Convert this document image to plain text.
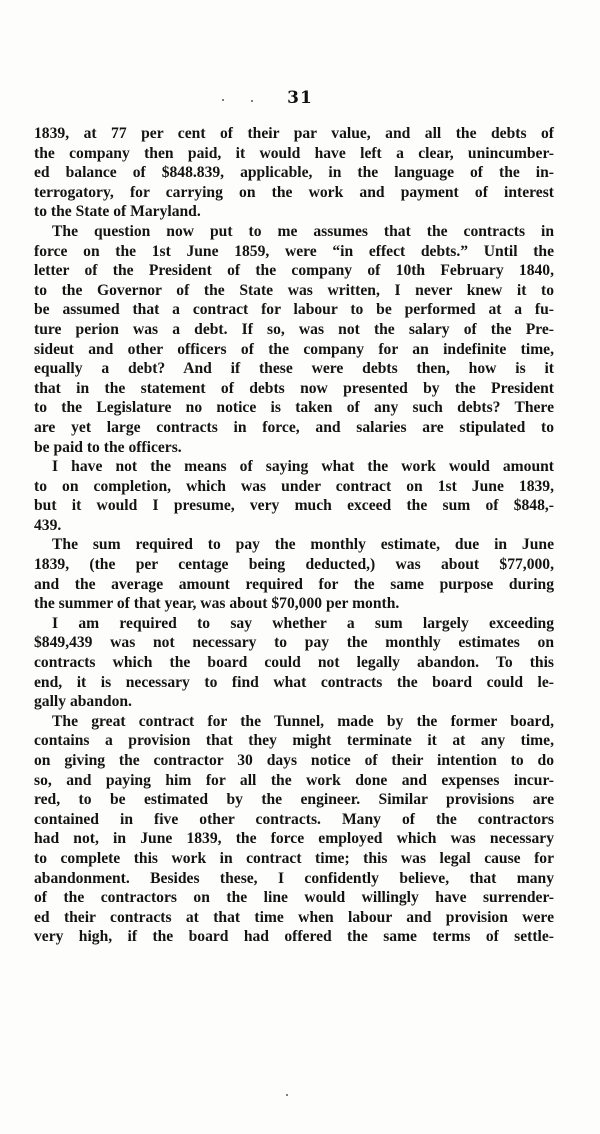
31
1839, at 77 per cent of their par value, and all the debts of
the company then paid, it would have left a clear, unincumber-
ed balance of $848.839, applicable, in the language of the in-
terrogatory, for carrying on the work and payment of interest
to the State of Maryland.
The question now put to me assumes that the contracts in
force on the 1st June 1859, were “in effect debts.” Until the
letter of the President of the company of 10th February 1840,
to the Governor of the State was written, I never knew it to
be assumed that a contract for labour to be performed at a fu-
ture perion was a debt. If so, was not the salary of the Pre-
sideut and other officers of the company for an indefinite time,
equally a debt? And if these were debts then, how is it
that in the statement of debts now presented by the President
to the Legislature no notice is taken of any such debts? There
are yet large contracts in force, and salaries are stipulated to
be paid to the officers.
I have not the means of saying what the work would amount
to on completion, which was under contract on 1st June 1839,
but it would I presume, very much exceed the sum of $848,-
439.
The sum required to pay the monthly estimate, due in June
1839, (the per centage being deducted,) was about $77,000,
and the average amount required for the same purpose during
the summer of that year, was about $70,000 per month.
I am required to say whether a sum largely exceeding
$849,439 was not necessary to pay the monthly estimates on
contracts which the board could not legally abandon. To this
end, it is necessary to find what contracts the board could le-
gally abandon.
The great contract for the Tunnel, made by the former board,
contains a provision that they might terminate it at any time,
on giving the contractor 30 days notice of their intention to do
so, and paying him for all the work done and expenses incur-
red, to be estimated by the engineer. Similar provisions are
contained in five other contracts. Many of the contractors
had not, in June 1839, the force employed which was necessary
to complete this work in contract time; this was legal cause for
abandonment. Besides these, I confidently believe, that many
of the contractors on the line would willingly have surrender-
ed their contracts at that time when labour and provision were
very high, if the board had offered the same terms of settle-
